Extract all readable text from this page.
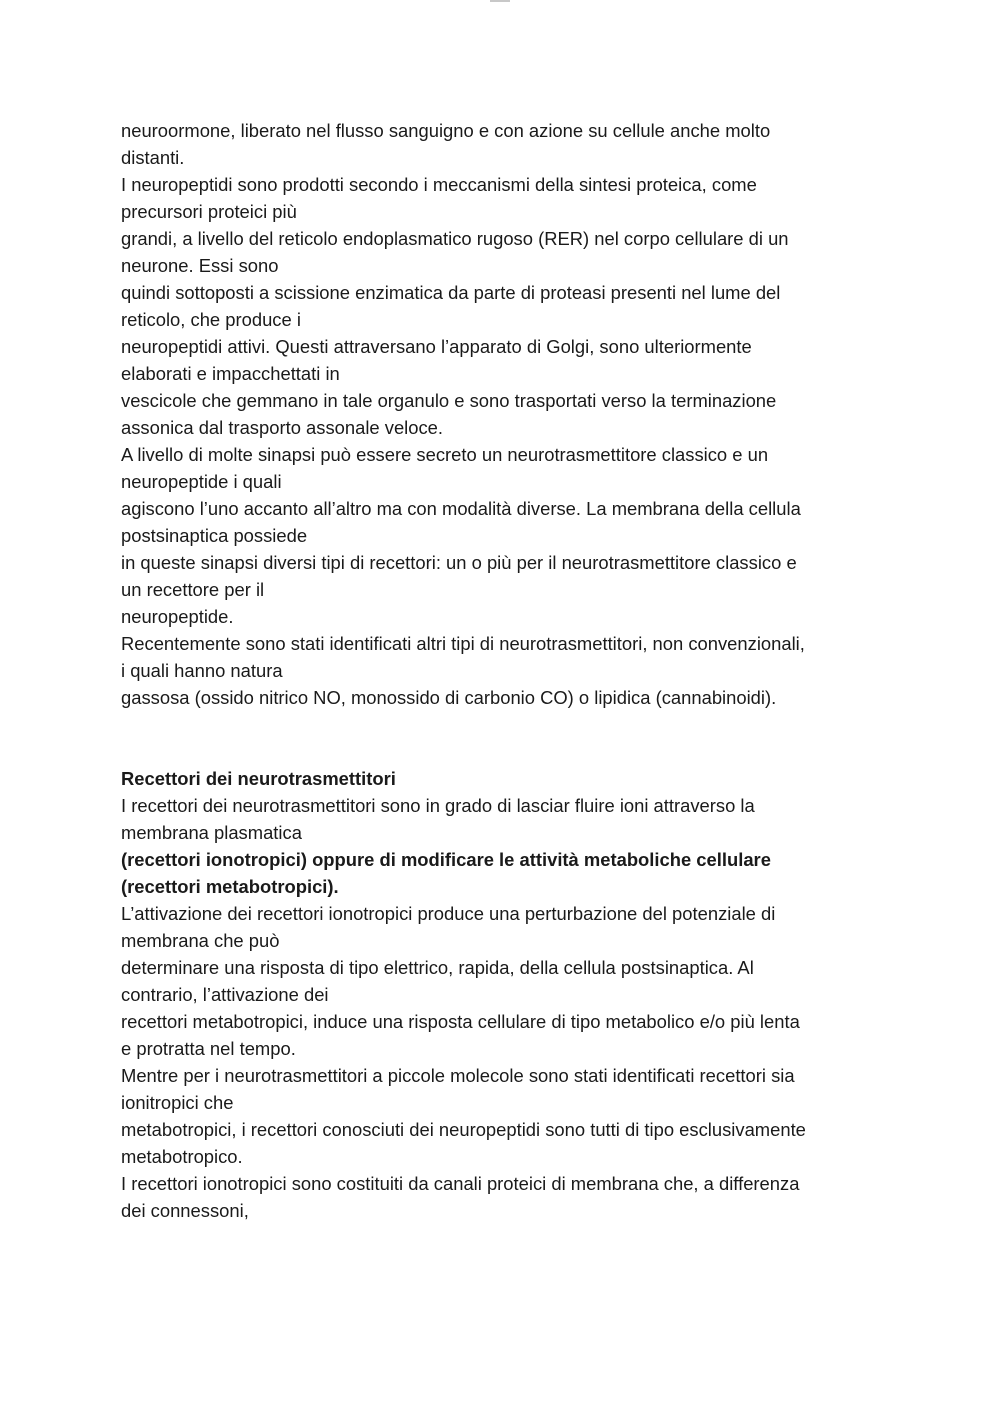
neuroormone, liberato nel flusso sanguigno e con azione su cellule anche molto
distanti.
I neuropeptidi sono prodotti secondo i meccanismi della sintesi proteica, come
precursori proteici più
grandi, a livello del reticolo endoplasmatico rugoso (RER) nel corpo cellulare di un
neurone. Essi sono
quindi sottoposti a scissione enzimatica da parte di proteasi presenti nel lume del
reticolo, che produce i
neuropeptidi attivi. Questi attraversano l’apparato di Golgi, sono ulteriormente
elaborati e impacchettati in
vescicole che gemmano in tale organulo e sono trasportati verso la terminazione
assonica dal trasporto assonale veloce.
A livello di molte sinapsi può essere secreto un neurotrasmettitore classico e un
neuropeptide i quali
agiscono l’uno accanto all’altro ma con modalità diverse. La membrana della cellula
postsinaptica possiede
in queste sinapsi diversi tipi di recettori: un o più per il neurotrasmettitore classico e
un recettore per il
neuropeptide.
Recentemente sono stati identificati altri tipi di neurotrasmettitori, non convenzionali,
i quali hanno natura
gassosa (ossido nitrico NO, monossido di carbonio CO) o lipidica (cannabinoidi).
Recettori dei neurotrasmettitori
I recettori dei neurotrasmettitori sono in grado di lasciar fluire ioni attraverso la
membrana plasmatica
(recettori ionotropici) oppure di modificare le attività metaboliche cellulare
(recettori metabotropici).
L’attivazione dei recettori ionotropici produce una perturbazione del potenziale di
membrana che può
determinare una risposta di tipo elettrico, rapida, della cellula postsinaptica. Al
contrario, l’attivazione dei
recettori metabotropici, induce una risposta cellulare di tipo metabolico e/o più lenta
e protratta nel tempo.
Mentre per i neurotrasmettitori a piccole molecole sono stati identificati recettori sia
ionitropici che
metabotropici, i recettori conosciuti dei neuropeptidi sono tutti di tipo esclusivamente
metabotropico.
I recettori ionotropici sono costituiti da canali proteici di membrana che, a differenza
dei connessoni,
